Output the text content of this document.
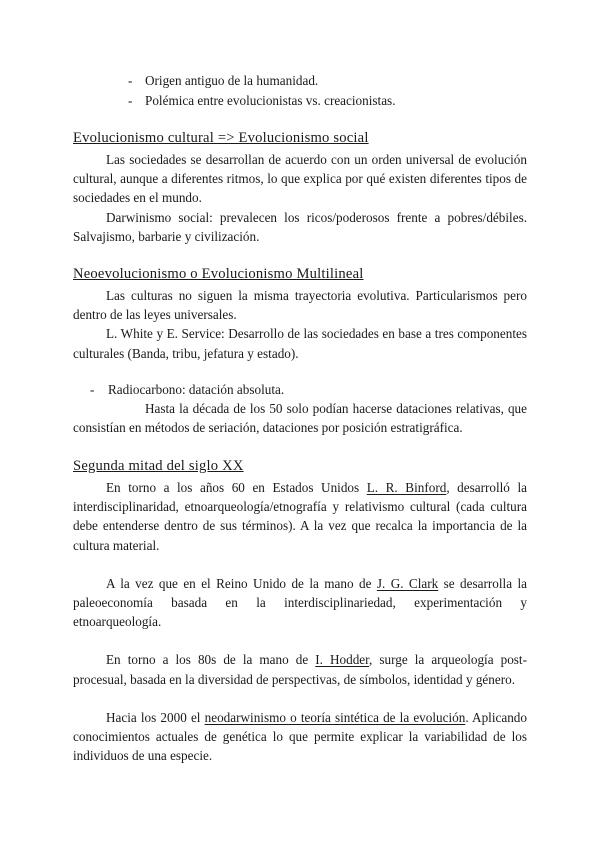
- Origen antiguo de la humanidad.
- Polémica entre evolucionistas vs. creacionistas.
Evolucionismo cultural => Evolucionismo social

Las sociedades se desarrollan de acuerdo con un orden universal de evolución cultural, aunque a diferentes ritmos, lo que explica por qué existen diferentes tipos de sociedades en el mundo.

Darwinismo social: prevalecen los ricos/poderosos frente a pobres/débiles. Salvajismo, barbarie y civilización.

Neoevolucionismo o Evolucionismo Multilineal

Las culturas no siguen la misma trayectoria evolutiva. Particularismos pero dentro de las leyes universales.

L. White y E. Service: Desarrollo de las sociedades en base a tres componentes culturales (Banda, tribu, jefatura y estado).

- Radiocarbono: datación absoluta.

Hasta la década de los 50 solo podían hacerse dataciones relativas, que consistían en métodos de seriación, dataciones por posición estratigráfica.

Segunda mitad del siglo XX

En torno a los años 60 en Estados Unidos L. R. Binford, desarrolló la interdisciplinaridad, etnoarqueología/etnografía y relativismo cultural (cada cultura debe entenderse dentro de sus términos). A la vez que recalca la importancia de la cultura material.

A la vez que en el Reino Unido de la mano de J. G. Clark se desarrolla la paleoeconomía basada en la interdisciplinariedad, experimentación y etnoarqueología.

En torno a los 80s de la mano de I. Hodder, surge la arqueología post-procesual, basada en la diversidad de perspectivas, de símbolos, identidad y género.

Hacia los 2000 el neodarwinismo o teoría sintética de la evolución. Aplicando conocimientos actuales de genética lo que permite explicar la variabilidad de los individuos de una especie.
